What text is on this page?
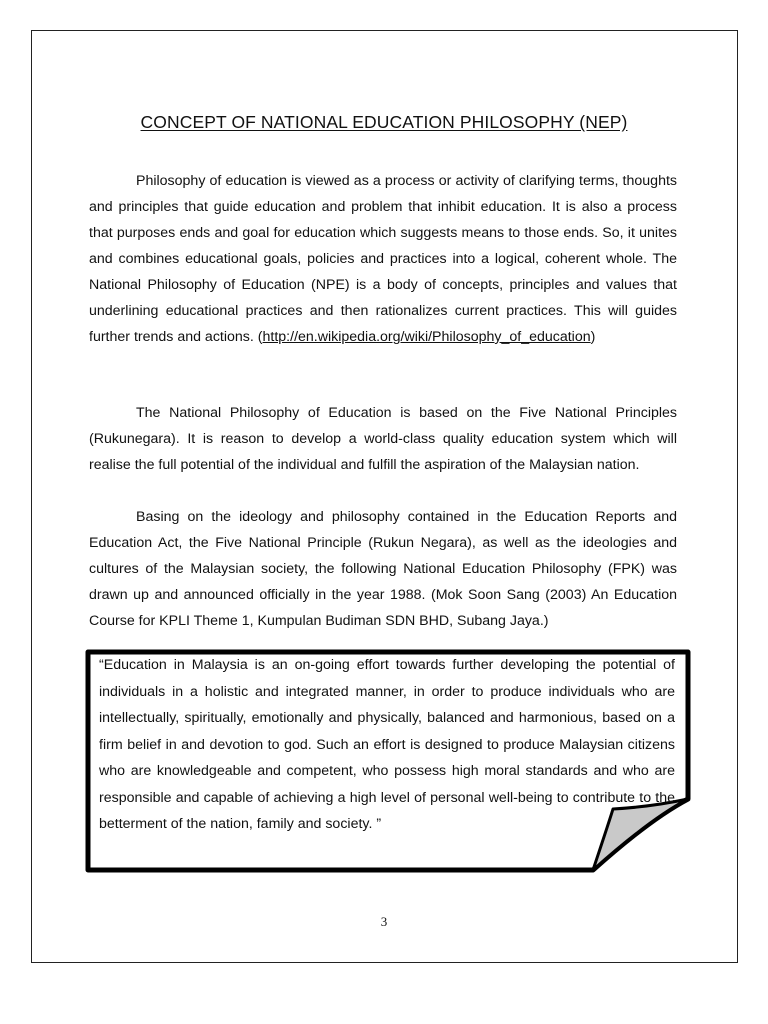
CONCEPT OF NATIONAL EDUCATION PHILOSOPHY (NEP)

Philosophy of education is viewed as a process or activity of clarifying terms, thoughts and principles that guide education and problem that inhibit education. It is also a process that purposes ends and goal for education which suggests means to those ends. So, it unites and combines educational goals, policies and practices into a logical, coherent whole. The National Philosophy of Education (NPE) is a body of concepts, principles and values that underlining educational practices and then rationalizes current practices. This will guides further trends and actions. (http://en.wikipedia.org/wiki/Philosophy_of_education)

The National Philosophy of Education is based on the Five National Principles (Rukunegara). It is reason to develop a world-class quality education system which will realise the full potential of the individual and fulfill the aspiration of the Malaysian nation.

Basing on the ideology and philosophy contained in the Education Reports and Education Act, the Five National Principle (Rukun Negara), as well as the ideologies and cultures of the Malaysian society, the following National Education Philosophy (FPK) was drawn up and announced officially in the year 1988. (Mok Soon Sang (2003) An Education Course for KPLI Theme 1, Kumpulan Budiman SDN BHD, Subang Jaya.)

“Education in Malaysia is an on-going effort towards further developing the potential of individuals in a holistic and integrated manner, in order to produce individuals who are intellectually, spiritually, emotionally and physically, balanced and harmonious, based on a firm belief in and devotion to god. Such an effort is designed to produce Malaysian citizens who are knowledgeable and competent, who possess high moral standards and who are responsible and capable of achieving a high level of personal well-being to contribute to the betterment of the nation, family and society. ”

3
